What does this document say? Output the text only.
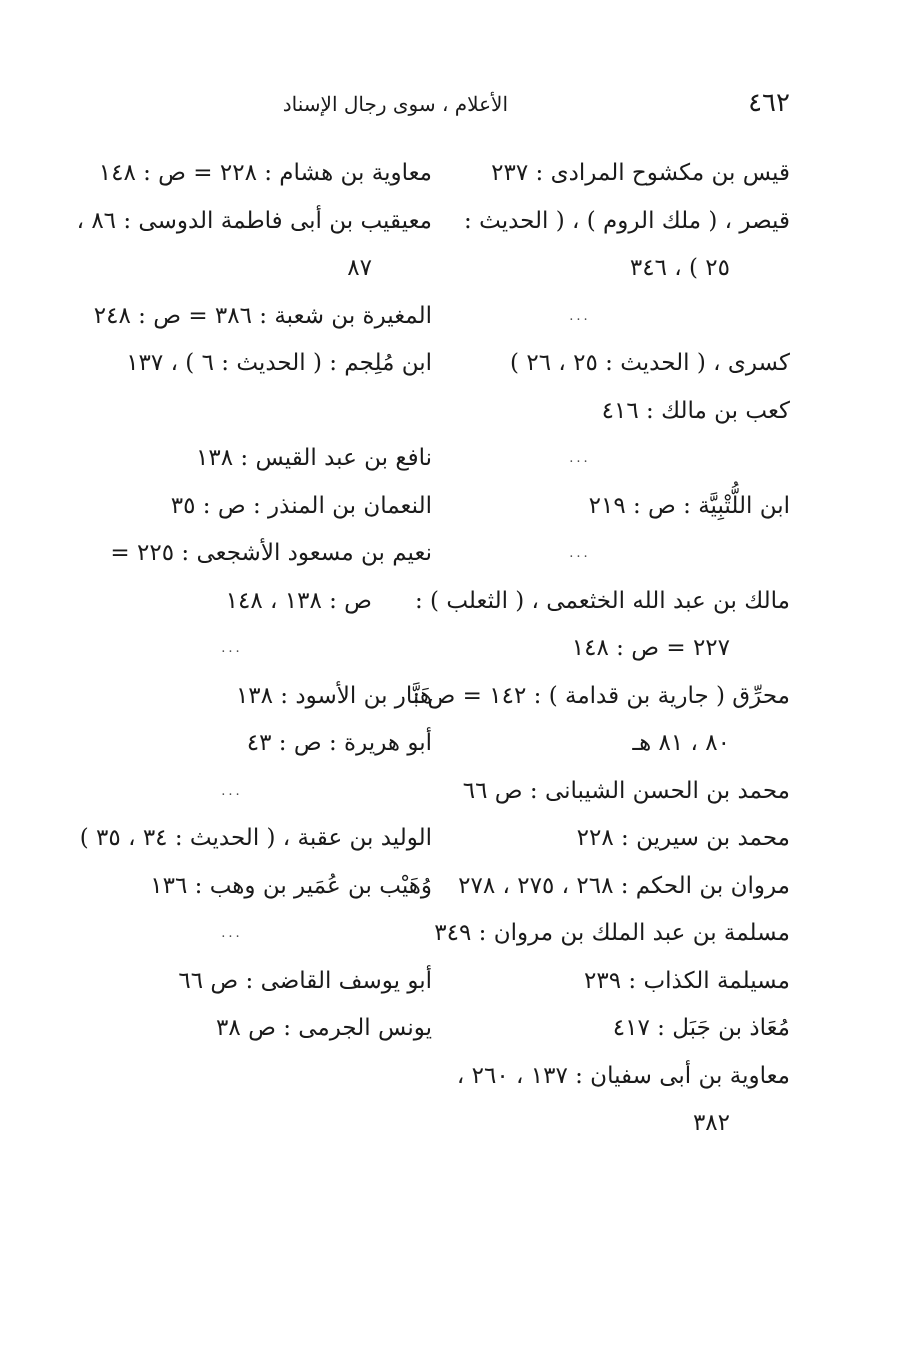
٤٦٢
الأعلام ، سوى رجال الإسناد
قيس بن مكشوح المرادى : ٢٣٧
قيصر ، ( ملك الروم ) ، ( الحديث :
٢٥ ) ، ٣٤٦
...
كسرى ، ( الحديث : ٢٥ ، ٢٦ )
كعب بن مالك : ٤١٦
...
ابن اللُّتْبِيَّة : ص : ٢١٩
...
مالك بن عبد الله الخثعمى ، ( الثعلب ) :
٢٢٧ = ص : ١٤٨
محرِّق ( جارية بن قدامة ) : ١٤٢ = ص :
٨٠ ، ٨١ هـ
محمد بن الحسن الشيبانى : ص ٦٦
محمد بن سيرين : ٢٢٨
مروان بن الحكم : ٢٦٨ ، ٢٧٥ ، ٢٧٨
مسلمة بن عبد الملك بن مروان : ٣٤٩
مسيلمة الكذاب : ٢٣٩
مُعَاذ بن جَبَل : ٤١٧
معاوية بن أبى سفيان : ١٣٧ ، ٢٦٠ ،
٣٨٢
معاوية بن هشام : ٢٢٨ = ص : ١٤٨
معيقيب بن أبى فاطمة الدوسى : ٨٦ ،
٨٧
المغيرة بن شعبة : ٣٨٦ = ص : ٢٤٨
ابن مُلِجم : ( الحديث : ٦ ) ، ١٣٧
نافع بن عبد القيس : ١٣٨
النعمان بن المنذر : ص : ٣٥
نعيم بن مسعود الأشجعى : ٢٢٥ =
ص : ١٣٨ ، ١٤٨
...
هَبَّار بن الأسود : ١٣٨
أبو هريرة : ص : ٤٣
...
الوليد بن عقبة ، ( الحديث : ٣٤ ، ٣٥ )
وُهَيْب بن عُمَير بن وهب : ١٣٦
...
أبو يوسف القاضى : ص ٦٦
يونس الجرمى : ص ٣٨
